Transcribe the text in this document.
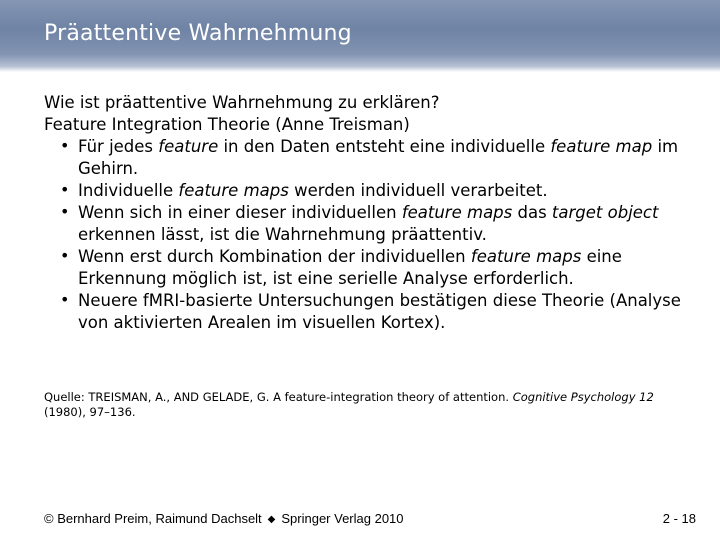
Präattentive Wahrnehmung

Wie ist präattentive Wahrnehmung zu erklären?

Feature Integration Theorie (Anne Treisman)

• Für jedes feature in den Daten entsteht eine individuelle feature map im Gehirn.
• Individuelle feature maps werden individuell verarbeitet.
• Wenn sich in einer dieser individuellen feature maps das target object erkennen lässt, ist die Wahrnehmung präattentiv.
• Wenn erst durch Kombination der individuellen feature maps eine Erkennung möglich ist, ist eine serielle Analyse erforderlich.
• Neuere fMRI-basierte Untersuchungen bestätigen diese Theorie (Analyse von aktivierten Arealen im visuellen Kortex).
Quelle: TREISMAN, A., AND GELADE, G. A feature-integration theory of attention. Cognitive Psychology 12 (1980), 97–136.
© Bernhard Preim, Raimund Dachselt ◆ Springer Verlag 2010	2 - 18
